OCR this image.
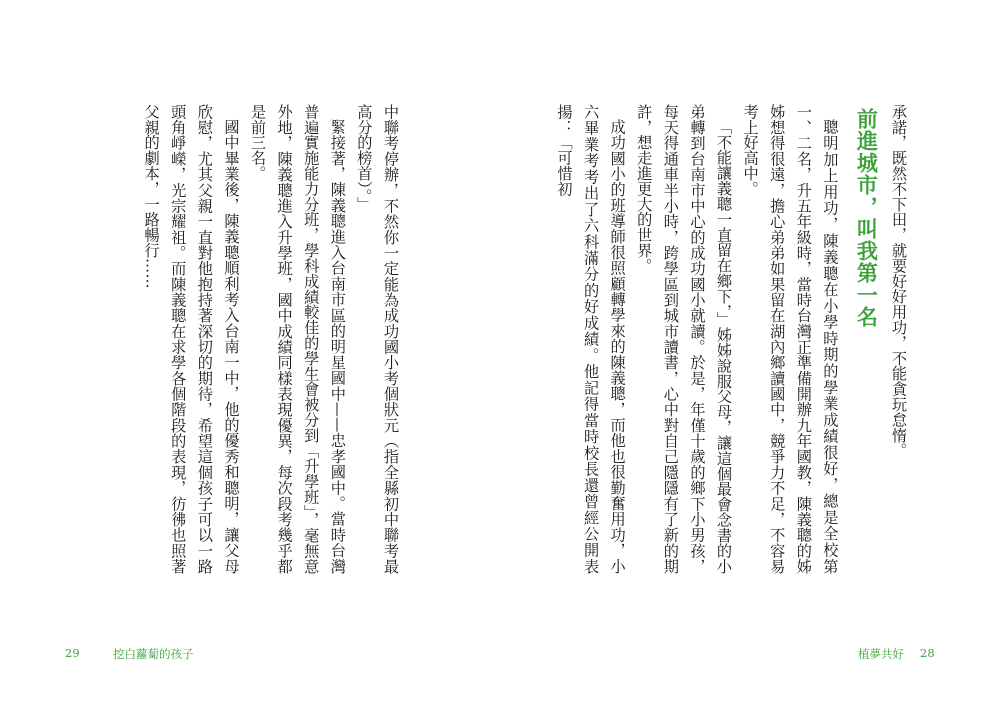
承諾，既然不下田，就要好好用功，不能貪玩怠惰。

前進城市，叫我第一名

聰明加上用功，陳義聰在小學時期的學業成績很好，總是全校第一、二名，升五年級時，當時台灣正準備開辦九年國教，陳義聰的姊姊想得很遠，擔心弟弟如果留在湖內鄉讀國中，競爭力不足，不容易考上好高中。

「不能讓義聰一直留在鄉下，」姊姊說服父母，讓這個最會念書的小弟轉到台南市中心的成功國小就讀。於是，年僅十歲的鄉下小男孩，每天得通車半小時，跨學區到城市讀書，心中對自己隱隱有了新的期許，想走進更大的世界。

成功國小的班導師很照顧轉學來的陳義聰，而他也很勤奮用功，小六畢業考考出了六科滿分的好成績。他記得當時校長還曾經公開表揚：「可惜初

植夢共好 28

中聯考停辦，不然你一定能為成功國小考個狀元（指全縣初中聯考最高分的榜首）。」

緊接著，陳義聰進入台南市區的明星國中——忠孝國中。當時台灣普遍實施能力分班，學科成績較佳的學生會被分到「升學班」，毫無意外地，陳義聰進入升學班，國中成績同樣表現優異，每次段考幾乎都是前三名。

國中畢業後，陳義聰順利考入台南一中，他的優秀和聰明，讓父母欣慰，尤其父親一直對他抱持著深切的期待，希望這個孩子可以一路頭角崢嶸，光宗耀祖。而陳義聰在求學各個階段的表現，彷彿也照著父親的劇本，一路暢行……

29	挖白蘿蔔的孩子
